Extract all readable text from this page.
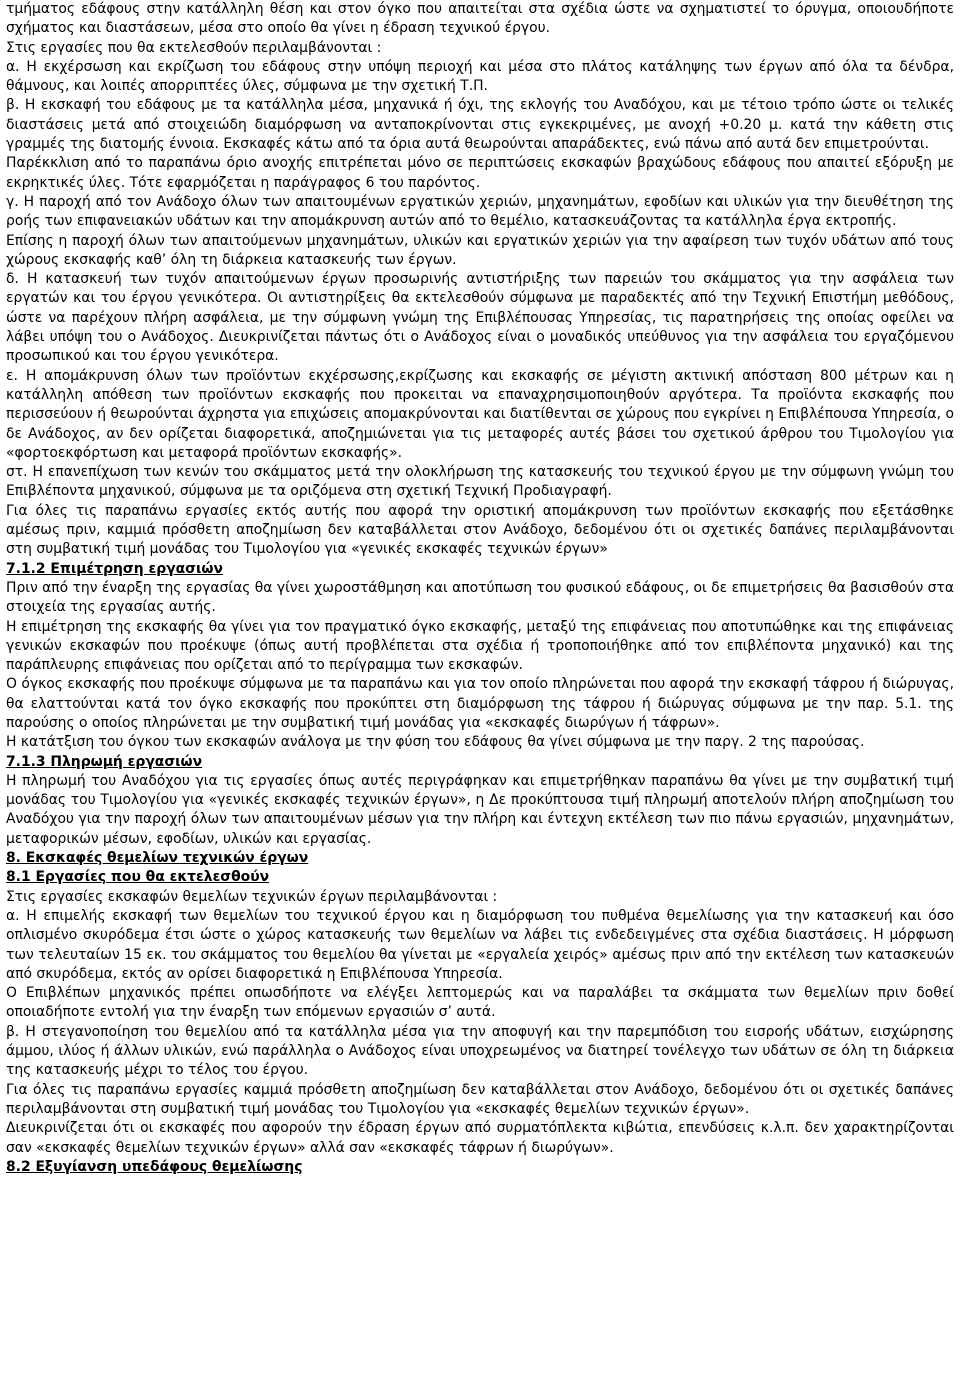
τμήματος εδάφους στην κατάλληλη θέση και στον όγκο που απαιτείται στα σχέδια ώστε να σχηματιστεί το όρυγμα, οποιουδήποτε σχήματος και διαστάσεων, μέσα στο οποίο θα γίνει η έδραση τεχνικού έργου.

Στις εργασίες που θα εκτελεσθούν περιλαμβάνονται :

α. Η εκχέρσωση και εκρίζωση του εδάφους στην υπόψη περιοχή και μέσα στο πλάτος κατάληψης των έργων από όλα τα δένδρα, θάμνους, και λοιπές απορριπτέες ύλες, σύμφωνα με την σχετική Τ.Π.

β. Η εκσκαφή του εδάφους με τα κατάλληλα μέσα, μηχανικά ή όχι, της εκλογής του Αναδόχου, και με τέτοιο τρόπο ώστε οι τελικές διαστάσεις μετά από στοιχειώδη διαμόρφωση να ανταποκρίνονται στις εγκεκριμένες, με ανοχή +0.20 μ. κατά την κάθετη στις γραμμές της διατομής έννοια. Εκσκαφές κάτω από τα όρια αυτά θεωρούνται απαράδεκτες, ενώ πάνω από αυτά δεν επιμετρούνται.

Παρέκκλιση από το παραπάνω όριο ανοχής επιτρέπεται μόνο σε περιπτώσεις εκσκαφών βραχώδους εδάφους που απαιτεί εξόρυξη με εκρηκτικές ύλες. Τότε εφαρμόζεται η παράγραφος 6 του παρόντος.

γ. Η παροχή από τον Ανάδοχο όλων των απαιτουμένων εργατικών χεριών, μηχανημάτων, εφοδίων και υλικών για την διευθέτηση της ροής των επιφανειακών υδάτων και την απομάκρυνση αυτών από το θεμέλιο, κατασκευάζοντας τα κατάλληλα έργα εκτροπής.

Επίσης η παροχή όλων των απαιτούμενων μηχανημάτων, υλικών και εργατικών χεριών για την αφαίρεση των τυχόν υδάτων από τους χώρους εκσκαφής καθ’ όλη τη διάρκεια κατασκευής των έργων.

δ. Η κατασκευή των τυχόν απαιτούμενων έργων προσωρινής αντιστήριξης των παρειών του σκάμματος για την ασφάλεια των εργατών και του έργου γενικότερα. Οι αντιστηρίξεις θα εκτελεσθούν σύμφωνα με παραδεκτές από την Τεχνική Επιστήμη μεθόδους, ώστε να παρέχουν πλήρη ασφάλεια, με την σύμφωνη γνώμη της Επιβλέπουσας Υπηρεσίας, τις παρατηρήσεις της οποίας οφείλει να λάβει υπόψη του ο Ανάδοχος. Διευκρινίζεται πάντως ότι ο Ανάδοχος είναι ο μοναδικός υπεύθυνος για την ασφάλεια του εργαζόμενου προσωπικού και του έργου γενικότερα.

ε. Η απομάκρυνση όλων των προϊόντων εκχέρσωσης,εκρίζωσης και εκσκαφής σε μέγιστη ακτινική απόσταση 800 μέτρων και η κατάλληλη απόθεση των προϊόντων εκσκαφής που προκειται να επαναχρησιμοποιηθούν αργότερα. Τα προϊόντα εκσκαφής που περισσεύουν ή θεωρούνται άχρηστα για επιχώσεις απομακρύνονται και διατίθενται σε χώρους που εγκρίνει η Επιβλέπουσα Υπηρεσία, ο δε Ανάδοχος, αν δεν ορίζεται διαφορετικά, αποζημιώνεται για τις μεταφορές αυτές βάσει του σχετικού άρθρου του Τιμολογίου για «φορτοεκφόρτωση και μεταφορά προϊόντων εκσκαφής».

στ. Η επανεπίχωση των κενών του σκάμματος μετά την ολοκλήρωση της κατασκευής του τεχνικού έργου με την σύμφωνη γνώμη του Επιβλέποντα μηχανικού, σύμφωνα με τα οριζόμενα στη σχετική Τεχνική Προδιαγραφή.

Για όλες τις παραπάνω εργασίες εκτός αυτής που αφορά την οριστική απομάκρυνση των προϊόντων εκσκαφής που εξετάσθηκε αμέσως πριν, καμμιά πρόσθετη αποζημίωση δεν καταβάλλεται στον Ανάδοχο, δεδομένου ότι οι σχετικές δαπάνες περιλαμβάνονται στη συμβατική τιμή μονάδας του Τιμολογίου για «γενικές εκσκαφές τεχνικών έργων»

7.1.2 Επιμέτρηση εργασιών

Πριν από την έναρξη της εργασίας θα γίνει χωροστάθμηση και αποτύπωση του φυσικού εδάφους, οι δε επιμετρήσεις θα βασισθούν στα στοιχεία της εργασίας αυτής.

Η επιμέτρηση της εκσκαφής θα γίνει για τον πραγματικό όγκο εκσκαφής, μεταξύ της επιφάνειας που αποτυπώθηκε και της επιφάνειας γενικών εκσκαφών που προέκυψε (όπως αυτή προβλέπεται στα σχέδια ή τροποποιήθηκε από τον επιβλέποντα μηχανικό) και της παράπλευρης επιφάνειας που ορίζεται από το περίγραμμα των εκσκαφών.

Ο όγκος εκσκαφής που προέκυψε σύμφωνα με τα παραπάνω και για τον οποίο πληρώνεται που αφορά την εκσκαφή τάφρου ή διώρυγας, θα ελαττούνται κατά τον όγκο εκσκαφής που προκύπτει στη διαμόρφωση της τάφρου ή διώρυγας σύμφωνα με την παρ. 5.1. της παρούσης ο οποίος πληρώνεται με την συμβατική τιμή μονάδας για «εκσκαφές διωρύγων ή τάφρων».

Η κατάτξιση του όγκου των εκσκαφών ανάλογα με την φύση του εδάφους θα γίνει σύμφωνα με την παργ. 2 της παρούσας.

7.1.3 Πληρωμή εργασιών

Η πληρωμή του Αναδόχου για τις εργασίες όπως αυτές περιγράφηκαν και επιμετρήθηκαν παραπάνω θα γίνει με την συμβατική τιμή μονάδας του Τιμολογίου για «γενικές εκσκαφές τεχνικών έργων», η Δε προκύπτουσα τιμή πληρωμή αποτελούν πλήρη αποζημίωση του Αναδόχου για την παροχή όλων των απαιτουμένων μέσων για την πλήρη και έντεχνη εκτέλεση των πιο πάνω εργασιών, μηχανημάτων, μεταφορικών μέσων, εφοδίων, υλικών και εργασίας.

8. Εκσκαφές θεμελίων τεχνικών έργων

8.1 Εργασίες που θα εκτελεσθούν

Στις εργασίες εκσκαφών θεμελίων τεχνικών έργων περιλαμβάνονται :

α. Η επιμελής εκσκαφή των θεμελίων του τεχνικού έργου και η διαμόρφωση του πυθμένα θεμελίωσης για την κατασκευή και όσο οπλισμένο σκυρόδεμα έτσι ώστε ο χώρος κατασκευής των θεμελίων να λάβει τις ενδεδειγμένες στα σχέδια διαστάσεις. Η μόρφωση των τελευταίων 15 εκ. του σκάμματος του θεμελίου θα γίνεται με «εργαλεία χειρός» αμέσως πριν από την εκτέλεση των κατασκευών από σκυρόδεμα, εκτός αν ορίσει διαφορετικά η Επιβλέπουσα Υπηρεσία.

Ο Επιβλέπων μηχανικός πρέπει οπωσδήποτε να ελέγξει λεπτομερώς και να παραλάβει τα σκάμματα των θεμελίων πριν δοθεί οποιαδήποτε εντολή για την έναρξη των επόμενων εργασιών σ’ αυτά.

β. Η στεγανοποίηση του θεμελίου από τα κατάλληλα μέσα για την αποφυγή και την παρεμπόδιση του εισροής υδάτων, εισχώρησης άμμου, ιλύος ή άλλων υλικών, ενώ παράλληλα ο Ανάδοχος είναι υποχρεωμένος να διατηρεί τονέλεγχο των υδάτων σε όλη τη διάρκεια της κατασκευής μέχρι το τέλος του έργου.

Για όλες τις παραπάνω εργασίες καμμιά πρόσθετη αποζημίωση δεν καταβάλλεται στον Ανάδοχο, δεδομένου ότι οι σχετικές δαπάνες περιλαμβάνονται στη συμβατική τιμή μονάδας του Τιμολογίου για «εκσκαφές θεμελίων τεχνικών έργων».

Διευκρινίζεται ότι οι εκσκαφές που αφορούν την έδραση έργων από συρματόπλεκτα κιβώτια, επενδύσεις κ.λ.π. δεν χαρακτηρίζονται σαν «εκσκαφές θεμελίων τεχνικών έργων» αλλά σαν «εκσκαφές τάφρων ή διωρύγων».

8.2 Εξυγίανση υπεδάφους θεμελίωσης
